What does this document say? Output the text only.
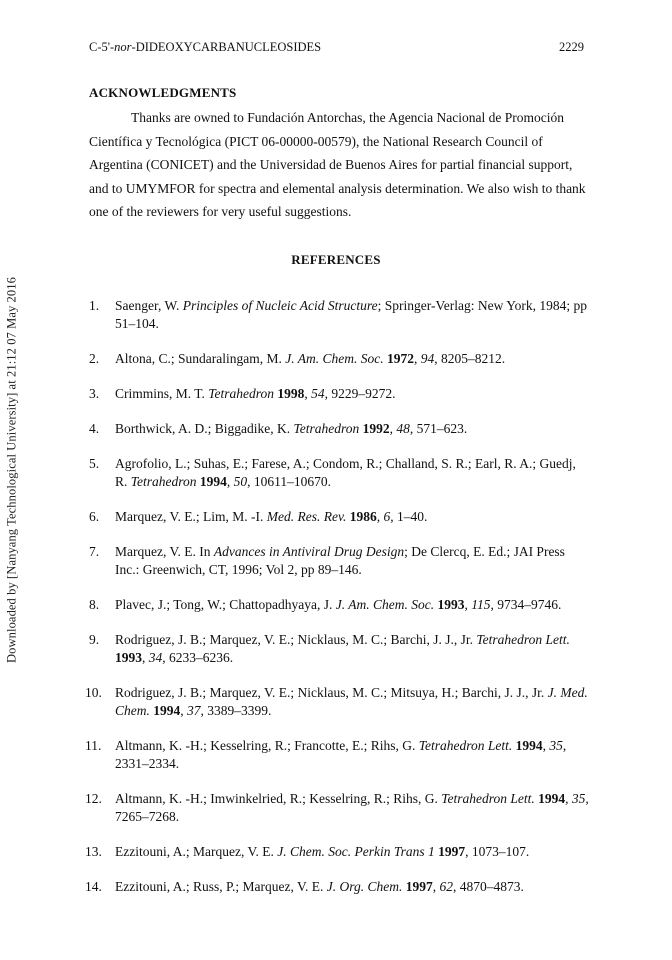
Downloaded by [Nanyang Technological University] at 21:12 07 May 2016
C-5'-nor-DIDEOXYCARBANUCLEOSIDES	2229
ACKNOWLEDGMENTS

Thanks are owned to Fundación Antorchas, the Agencia Nacional de Promoción Científica y Tecnológica (PICT 06-00000-00579), the National Research Council of Argentina (CONICET) and the Universidad de Buenos Aires for partial financial support, and to UMYMFOR for spectra and elemental analysis determination. We also wish to thank one of the reviewers for very useful suggestions.

REFERENCES
1.	Saenger, W. Principles of Nucleic Acid Structure; Springer-Verlag: New York, 1984; pp 51–104.
2.	Altona, C.; Sundaralingam, M. J. Am. Chem. Soc. 1972, 94, 8205–8212.
3.	Crimmins, M. T. Tetrahedron 1998, 54, 9229–9272.
4.	Borthwick, A. D.; Biggadike, K. Tetrahedron 1992, 48, 571–623.
5.	Agrofolio, L.; Suhas, E.; Farese, A.; Condom, R.; Challand, S. R.; Earl, R. A.; Guedj, R. Tetrahedron 1994, 50, 10611–10670.
6.	Marquez, V. E.; Lim, M. -I. Med. Res. Rev. 1986, 6, 1–40.
7.	Marquez, V. E. In Advances in Antiviral Drug Design; De Clercq, E. Ed.; JAI Press Inc.: Greenwich, CT, 1996; Vol 2, pp 89–146.
8.	Plavec, J.; Tong, W.; Chattopadhyaya, J. J. Am. Chem. Soc. 1993, 115, 9734–9746.
9.	Rodriguez, J. B.; Marquez, V. E.; Nicklaus, M. C.; Barchi, J. J., Jr. Tetrahedron Lett. 1993, 34, 6233–6236.
10. Rodriguez, J. B.; Marquez, V. E.; Nicklaus, M. C.; Mitsuya, H.; Barchi, J. J., Jr. J. Med. Chem. 1994, 37, 3389–3399.
11.	Altmann, K. -H.; Kesselring, R.; Francotte, E.; Rihs, G. Tetrahedron Lett. 1994, 35, 2331–2334.
12. Altmann, K. -H.; Imwinkelried, R.; Kesselring, R.; Rihs, G. Tetrahedron Lett. 1994, 35, 7265–7268.
13. Ezzitouni, A.; Marquez, V. E. J. Chem. Soc. Perkin Trans 1 1997, 1073–107.
14. Ezzitouni, A.; Russ, P.; Marquez, V. E. J. Org. Chem. 1997, 62, 4870–4873.
